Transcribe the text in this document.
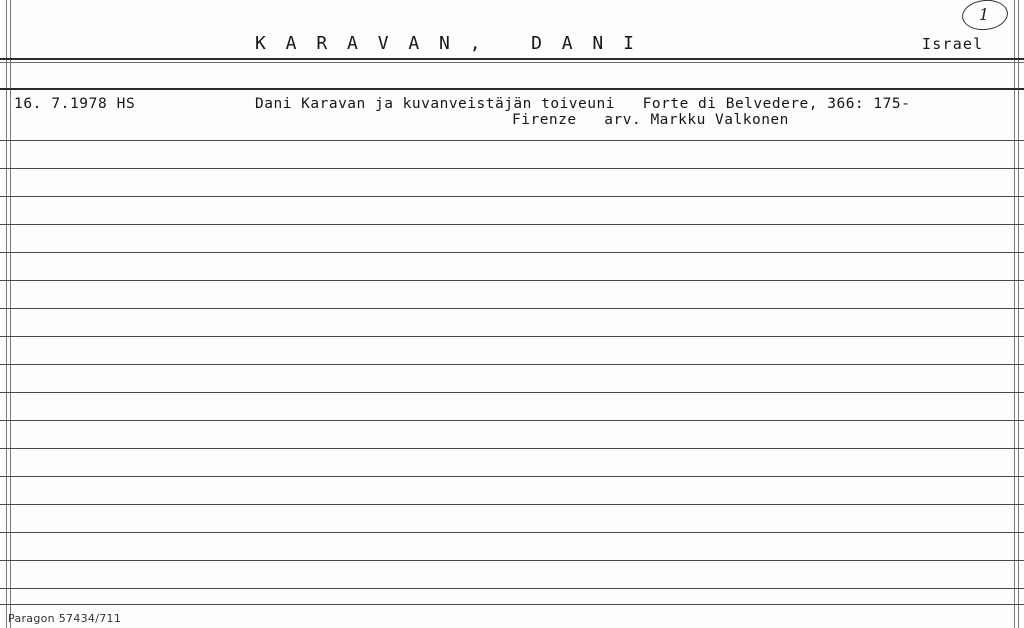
1
K A R A V A N ,   D A N I	Israel
16. 7.1978 HS	Dani Karavan ja kuvanveistäjän toiveuni   Forte di Belvedere, 366: 175-
Firenze   arv. Markku Valkonen
Paragon 57434/711
